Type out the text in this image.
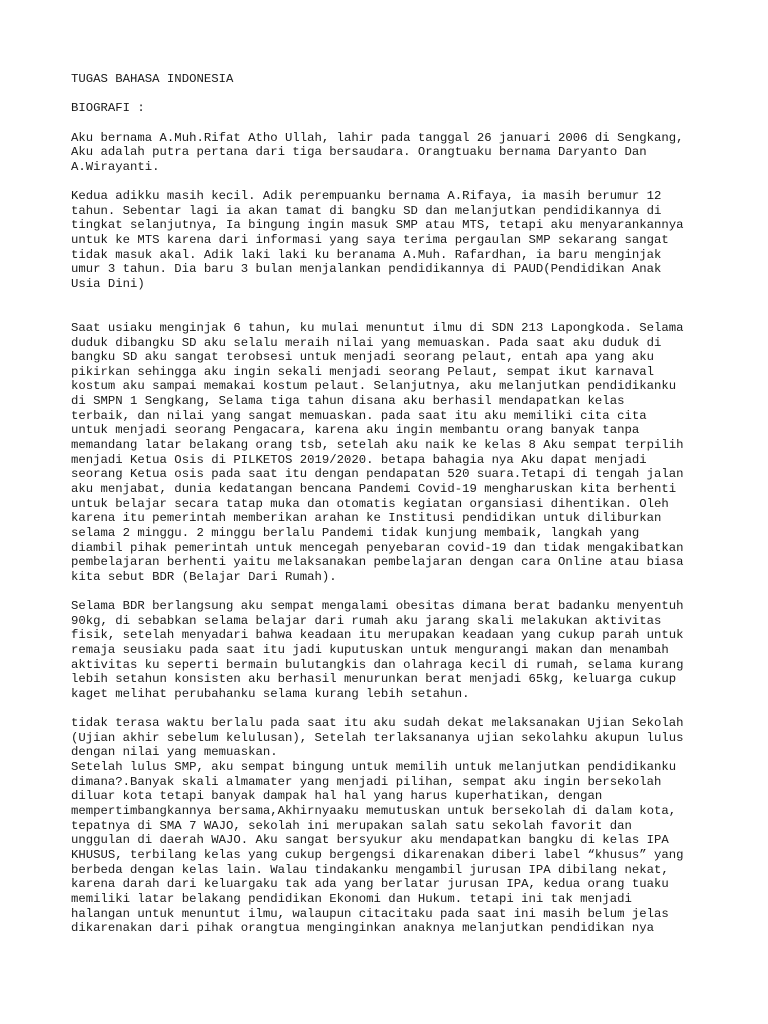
TUGAS BAHASA INDONESIA
BIOGRAFI :
Aku bernama A.Muh.Rifat Atho Ullah, lahir pada tanggal 26 januari 2006 di Sengkang,
Aku adalah putra pertana dari tiga bersaudara. Orangtuaku bernama Daryanto Dan
A.Wirayanti.
Kedua adikku masih kecil. Adik perempuanku bernama A.Rifaya, ia masih berumur 12
tahun. Sebentar lagi ia akan tamat di bangku SD dan melanjutkan pendidikannya di
tingkat selanjutnya, Ia bingung ingin masuk SMP atau MTS, tetapi aku menyarankannya
untuk ke MTS karena dari informasi yang saya terima pergaulan SMP sekarang sangat
tidak masuk akal. Adik laki laki ku beranama A.Muh. Rafardhan, ia baru menginjak
umur 3 tahun. Dia baru 3 bulan menjalankan pendidikannya di PAUD(Pendidikan Anak
Usia Dini)
Saat usiaku menginjak 6 tahun, ku mulai menuntut ilmu di SDN 213 Lapongkoda. Selama
duduk dibangku SD aku selalu meraih nilai yang memuaskan. Pada saat aku duduk di
bangku SD aku sangat terobsesi untuk menjadi seorang pelaut, entah apa yang aku
pikirkan sehingga aku ingin sekali menjadi seorang Pelaut, sempat ikut karnaval
kostum aku sampai memakai kostum pelaut. Selanjutnya, aku melanjutkan pendidikanku
di SMPN 1 Sengkang, Selama tiga tahun disana aku berhasil mendapatkan kelas
terbaik, dan nilai yang sangat memuaskan. pada saat itu aku memiliki cita cita
untuk menjadi seorang Pengacara, karena aku ingin membantu orang banyak tanpa
memandang latar belakang orang tsb, setelah aku naik ke kelas 8 Aku sempat terpilih
menjadi Ketua Osis di PILKETOS 2019/2020. betapa bahagia nya Aku dapat menjadi
seorang Ketua osis pada saat itu dengan pendapatan 520 suara.Tetapi di tengah jalan
aku menjabat, dunia kedatangan bencana Pandemi Covid-19 mengharuskan kita berhenti
untuk belajar secara tatap muka dan otomatis kegiatan organsiasi dihentikan. Oleh
karena itu pemerintah memberikan arahan ke Institusi pendidikan untuk diliburkan
selama 2 minggu. 2 minggu berlalu Pandemi tidak kunjung membaik, langkah yang
diambil pihak pemerintah untuk mencegah penyebaran covid-19 dan tidak mengakibatkan
pembelajaran berhenti yaitu melaksanakan pembelajaran dengan cara Online atau biasa
kita sebut BDR (Belajar Dari Rumah).
Selama BDR berlangsung aku sempat mengalami obesitas dimana berat badanku menyentuh
90kg, di sebabkan selama belajar dari rumah aku jarang skali melakukan aktivitas
fisik, setelah menyadari bahwa keadaan itu merupakan keadaan yang cukup parah untuk
remaja seusiaku pada saat itu jadi kuputuskan untuk mengurangi makan dan menambah
aktivitas ku seperti bermain bulutangkis dan olahraga kecil di rumah, selama kurang
lebih setahun konsisten aku berhasil menurunkan berat menjadi 65kg, keluarga cukup
kaget melihat perubahanku selama kurang lebih setahun.
tidak terasa waktu berlalu pada saat itu aku sudah dekat melaksanakan Ujian Sekolah
(Ujian akhir sebelum kelulusan), Setelah terlaksananya ujian sekolahku akupun lulus
dengan nilai yang memuaskan.
Setelah lulus SMP, aku sempat bingung untuk memilih untuk melanjutkan pendidikanku
dimana?.Banyak skali almamater yang menjadi pilihan, sempat aku ingin bersekolah
diluar kota tetapi banyak dampak hal hal yang harus kuperhatikan, dengan
mempertimbangkannya bersama,Akhirnyaaku memutuskan untuk bersekolah di dalam kota,
tepatnya di SMA 7 WAJO, sekolah ini merupakan salah satu sekolah favorit dan
unggulan di daerah WAJO. Aku sangat bersyukur aku mendapatkan bangku di kelas IPA
KHUSUS, terbilang kelas yang cukup bergengsi dikarenakan diberi label “khusus” yang
berbeda dengan kelas lain. Walau tindakanku mengambil jurusan IPA dibilang nekat,
karena darah dari keluargaku tak ada yang berlatar jurusan IPA, kedua orang tuaku
memiliki latar belakang pendidikan Ekonomi dan Hukum. tetapi ini tak menjadi
halangan untuk menuntut ilmu, walaupun citacitaku pada saat ini masih belum jelas
dikarenakan dari pihak orangtua menginginkan anaknya melanjutkan pendidikan nya
